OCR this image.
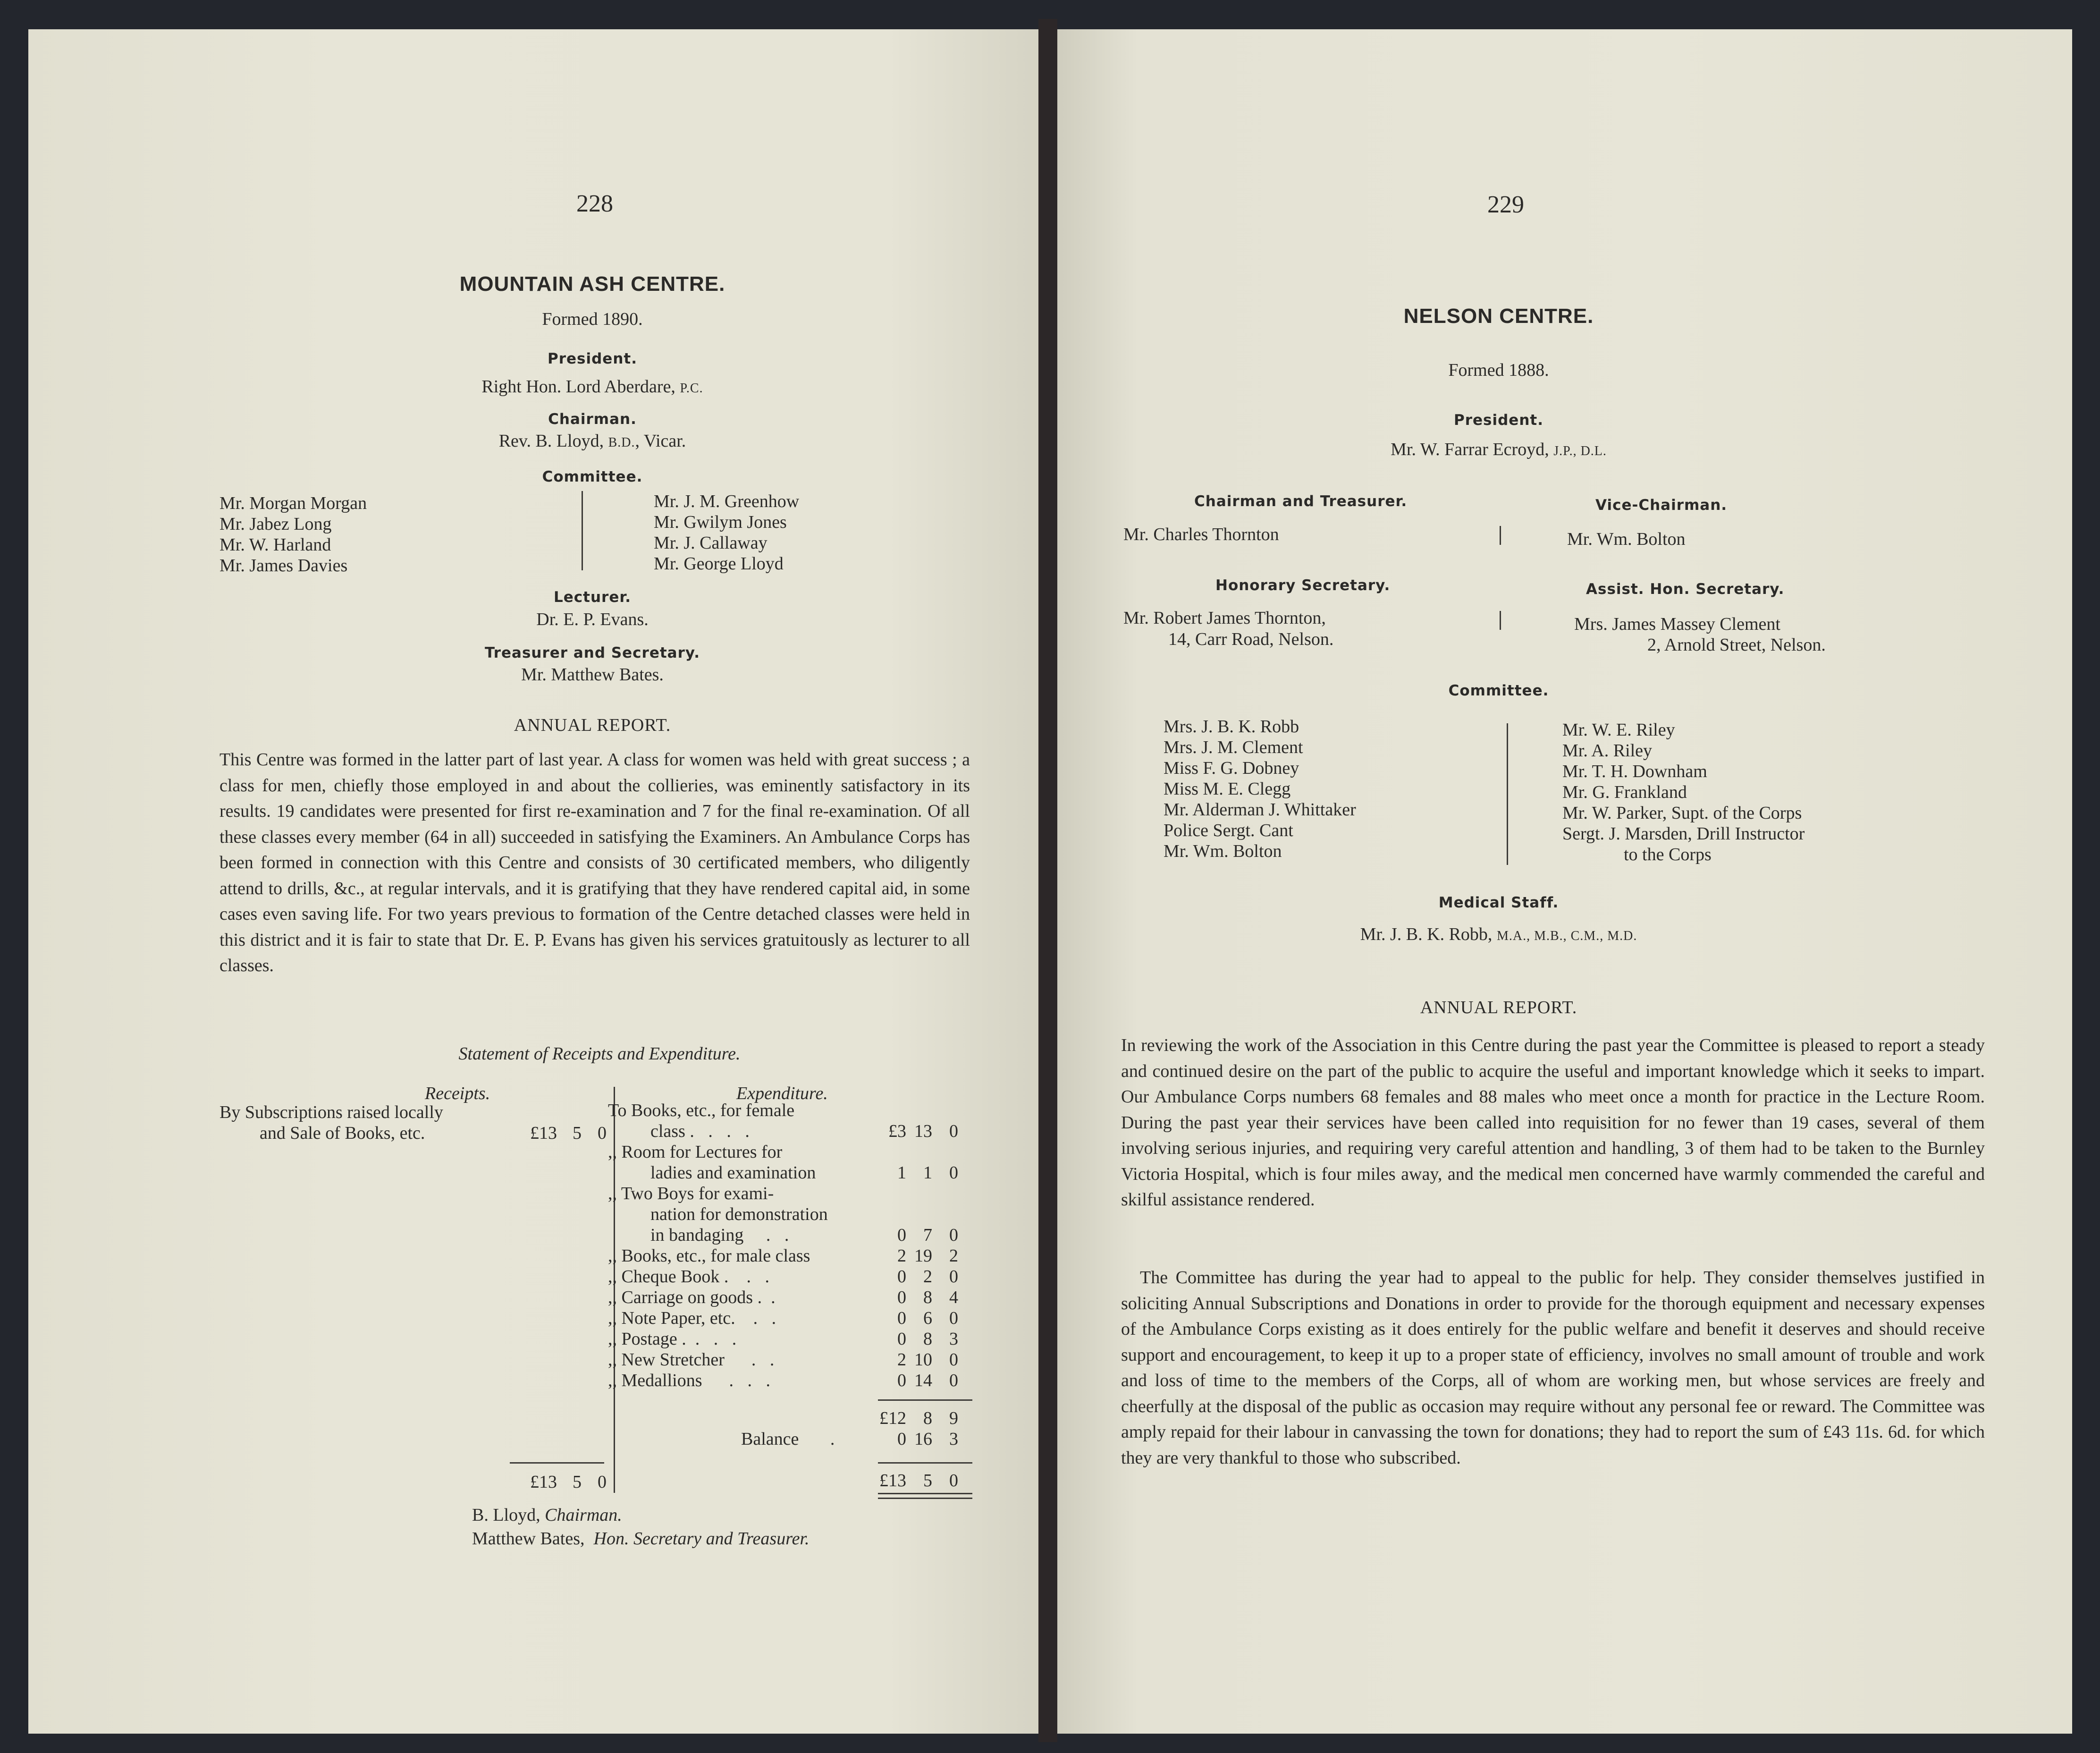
228
MOUNTAIN ASH CENTRE.
Formed 1890.
President.
Right Hon. Lord Aberdare, P.C.
Chairman.
Rev. B. Lloyd, B.D., Vicar.
Committee.
Mr. Morgan Morgan
Mr. Jabez Long
Mr. W. Harland
Mr. James Davies
Mr. J. M. Greenhow
Mr. Gwilym Jones
Mr. J. Callaway
Mr. George Lloyd
Lecturer.
Dr. E. P. Evans.
Treasurer and Secretary.
Mr. Matthew Bates.
ANNUAL REPORT.
This Centre was formed in the latter part of last year. A class for women was held with great success ; a class for men, chiefly those employed in and about the collieries, was eminently satisfactory in its results. 19 candidates were presented for first re-examination and 7 for the final re-examination. Of all these classes every member (64 in all) succeeded in satisfying the Examiners. An Ambulance Corps has been formed in connection with this Centre and consists of 30 certificated members, who diligently attend to drills, &c., at regular intervals, and it is gratifying that they have rendered capital aid, in some cases even saving life. For two years previous to formation of the Centre detached classes were held in this district and it is fair to state that Dr. E. P. Evans has given his services gratuitously as lecturer to all classes.
Statement of Receipts and Expenditure.
Receipts.
By Subscriptions raised locally
and Sale of Books, etc.	£13 5 0
£13 5 0
Expenditure.
To Books, etc., for female
class . . . .	£3 13 0
,, Room for Lectures for
ladies and examination	1 1 0
,, Two Boys for exami-
nation for demonstration
in bandaging . .	0 7 0
,, Books, etc., for male class	2 19 2
,, Cheque Book . . .	0 2 0
,, Carriage on goods . .	0 8 4
,, Note Paper, etc. . .	0 6 0
,, Postage . . . .	0 8 3
,, New Stretcher . .	2 10 0
,, Medallions . . .	0 14 0
£12 8 9
Balance .	0 16 3
£13 5 0
B. Lloyd, Chairman.
Matthew Bates,  Hon. Secretary and Treasurer.
229
NELSON CENTRE.
Formed 1888.
President.
Mr. W. Farrar Ecroyd, J.P., D.L.
Chairman and Treasurer.
Mr. Charles Thornton
Vice-Chairman.
Mr. Wm. Bolton
Honorary Secretary.
Mr. Robert James Thornton,
14, Carr Road, Nelson.
Assist. Hon. Secretary.
Mrs. James Massey Clement
2, Arnold Street, Nelson.
Committee.
Mrs. J. B. K. Robb
Mrs. J. M. Clement
Miss F. G. Dobney
Miss M. E. Clegg
Mr. Alderman J. Whittaker
Police Sergt. Cant
Mr. Wm. Bolton
Mr. W. E. Riley
Mr. A. Riley
Mr. T. H. Downham
Mr. G. Frankland
Mr. W. Parker, Supt. of the Corps
Sergt. J. Marsden, Drill Instructor
to the Corps
Medical Staff.
Mr. J. B. K. Robb, M.A., M.B., C.M., M.D.
ANNUAL REPORT.
In reviewing the work of the Association in this Centre during the past year the Committee is pleased to report a steady and continued desire on the part of the public to acquire the useful and important knowledge which it seeks to impart. Our Ambulance Corps numbers 68 females and 88 males who meet once a month for practice in the Lecture Room. During the past year their services have been called into requisition for no fewer than 19 cases, several of them involving serious injuries, and requiring very careful attention and handling, 3 of them had to be taken to the Burnley Victoria Hospital, which is four miles away, and the medical men concerned have warmly commended the careful and skilful assistance rendered.
The Committee has during the year had to appeal to the public for help. They consider themselves justified in soliciting Annual Subscriptions and Donations in order to provide for the thorough equipment and necessary expenses of the Ambulance Corps existing as it does entirely for the public welfare and benefit it deserves and should receive support and encouragement, to keep it up to a proper state of efficiency, involves no small amount of trouble and work and loss of time to the members of the Corps, all of whom are working men, but whose services are freely and cheerfully at the disposal of the public as occasion may require without any personal fee or reward. The Committee was amply repaid for their labour in canvassing the town for donations; they had to report the sum of £43 11s. 6d. for which they are very thankful to those who subscribed.
